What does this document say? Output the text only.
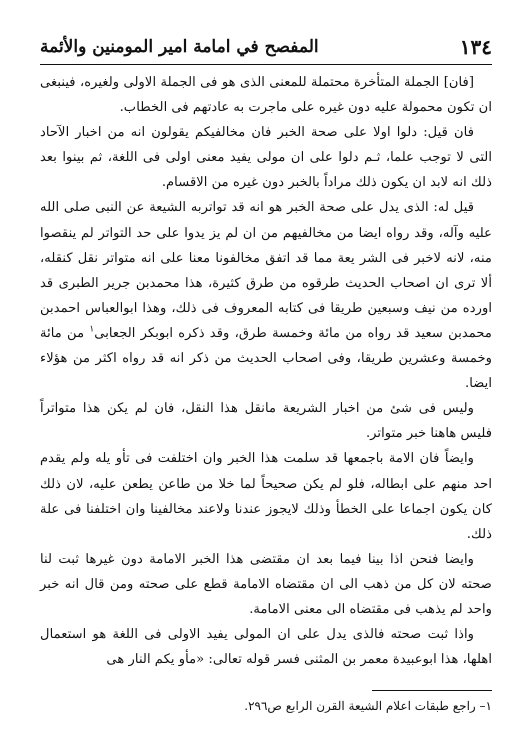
١٣٤
المفصح في امامة امير المومنين والأئمة

[فان] الجملة المتأخرة محتملة للمعنى الذى هو فى الجملة الاولى ولغيره، فينبغى ان تكون محمولة عليه دون غيره على ماجرت به عادتهم فى الخطاب.

فان قيل: دلوا اولا على صحة الخبر فان مخالفيكم يقولون انه من اخبار الآحاد التى لا توجب علما، ثـم دلوا على ان مولى يفيد معنى اولى فى اللغة، ثم بينوا بعد ذلك انه لابد ان يكون ذلك مراداً بالخبر دون غيره من الاقسام.

قيل له: الذى يدل على صحة الخبر هو انه قد تواتربه الشيعة عن النبى صلى الله عليه وآله، وقد رواه ايضا من مخالفيهم من ان لم يز يدوا على حد التواتر لم ينقصوا منه، لانه لاخبر فى الشر يعة مما قد اتفق مخالفونا معنا على انه متواتر نقل كنقله، ألا ترى ان اصحاب الحديث طرقوه من طرق كثيرة، هذا محمدبن جرير الطبرى قد اورده من نيف وسبعين طريقا فى كتابه المعروف فى ذلك، وهذا ابوالعباس احمدبن محمدبن سعيد قد رواه من مائة وخمسة طرق، وقد ذكره ابوبكر الجعابى$^١$ من مائة وخمسة وعشرين طريقا، وفى اصحاب الحديث من ذكر انه قد رواه اكثر من هؤلاء ايضا.

وليس فى شئ من اخبار الشريعة مانقل هذا النقل، فان لم يكن هذا متواتراً فليس هاهنا خبر متواتر.

وايضاً فان الامة باجمعها قد سلمت هذا الخبر وان اختلفت فى تأو يله ولم يقدم احد منهم على ابطاله، فلو لم يكن صحيحاً لما خلا من طاعن يطعن عليه، لان ذلك كان يكون اجماعا على الخطأ وذلك لايجوز عندنا ولاعند مخالفينا وان اختلفنا فى علة ذلك.

وايضا فنحن اذا بينا فيما بعد ان مقتضى هذا الخبر الامامة دون غيرها ثبت لنا صحته لان كل من ذهب الى ان مقتضاه الامامة قطع على صحته ومن قال انه خبر واحد لم يذهب فى مقتضاه الى معنى الامامة.

واذا ثبت صحته فالذى يدل على ان المولى يفيد الاولى فى اللغة هو استعمال اهلها، هذا ابوعبيدة معمر بن المثنى فسر قوله تعالى: «مأو يكم النار هى

١– راجع طبقات اعلام الشيعة القرن الرابع ص٢٩٦.
